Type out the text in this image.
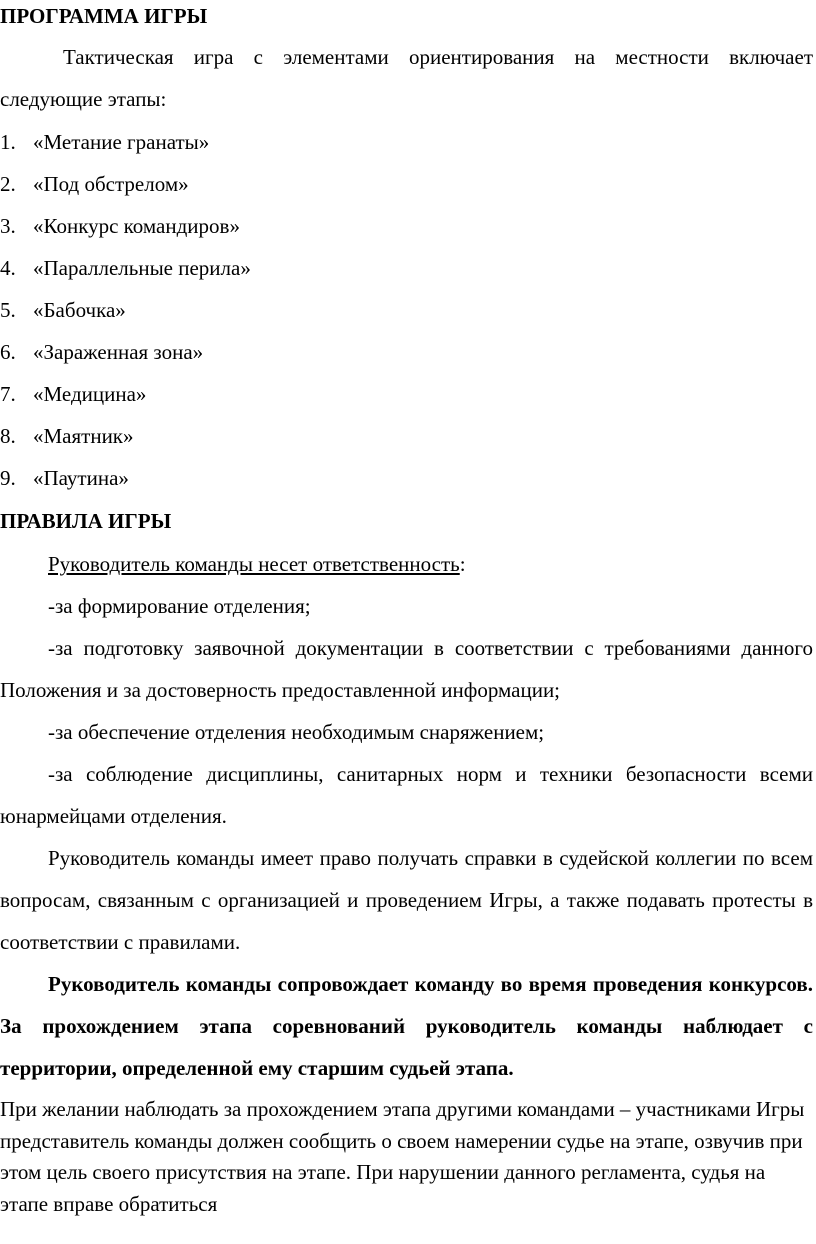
ПРОГРАММА ИГРЫ

Тактическая игра с элементами ориентирования на местности включает следующие этапы:

1. «Метание гранаты»
2. «Под обстрелом»
3. «Конкурс командиров»
4. «Параллельные перила»
5. «Бабочка»
6. «Зараженная зона»
7. «Медицина»
8. «Маятник»
9. «Паутина»
ПРАВИЛА ИГРЫ

Руководитель команды несет ответственность:

-за формирование отделения;

-за подготовку заявочной документации в соответствии с требованиями данного Положения и за достоверность предоставленной информации;

-за обеспечение отделения необходимым снаряжением;

-за соблюдение дисциплины, санитарных норм и техники безопасности всеми юнармейцами отделения.

Руководитель команды имеет право получать справки в судейской коллегии по всем вопросам, связанным с организацией и проведением Игры, а также подавать протесты в соответствии с правилами.

Руководитель команды сопровождает команду во время проведения конкурсов. За прохождением этапа соревнований руководитель команды наблюдает с территории, определенной ему старшим судьей этапа.

При желании наблюдать за прохождением этапа другими командами – участниками Игры представитель команды должен сообщить о своем намерении судье на этапе, озвучив при этом цель своего присутствия на этапе. При нарушении данного регламента, судья на этапе вправе обратиться
